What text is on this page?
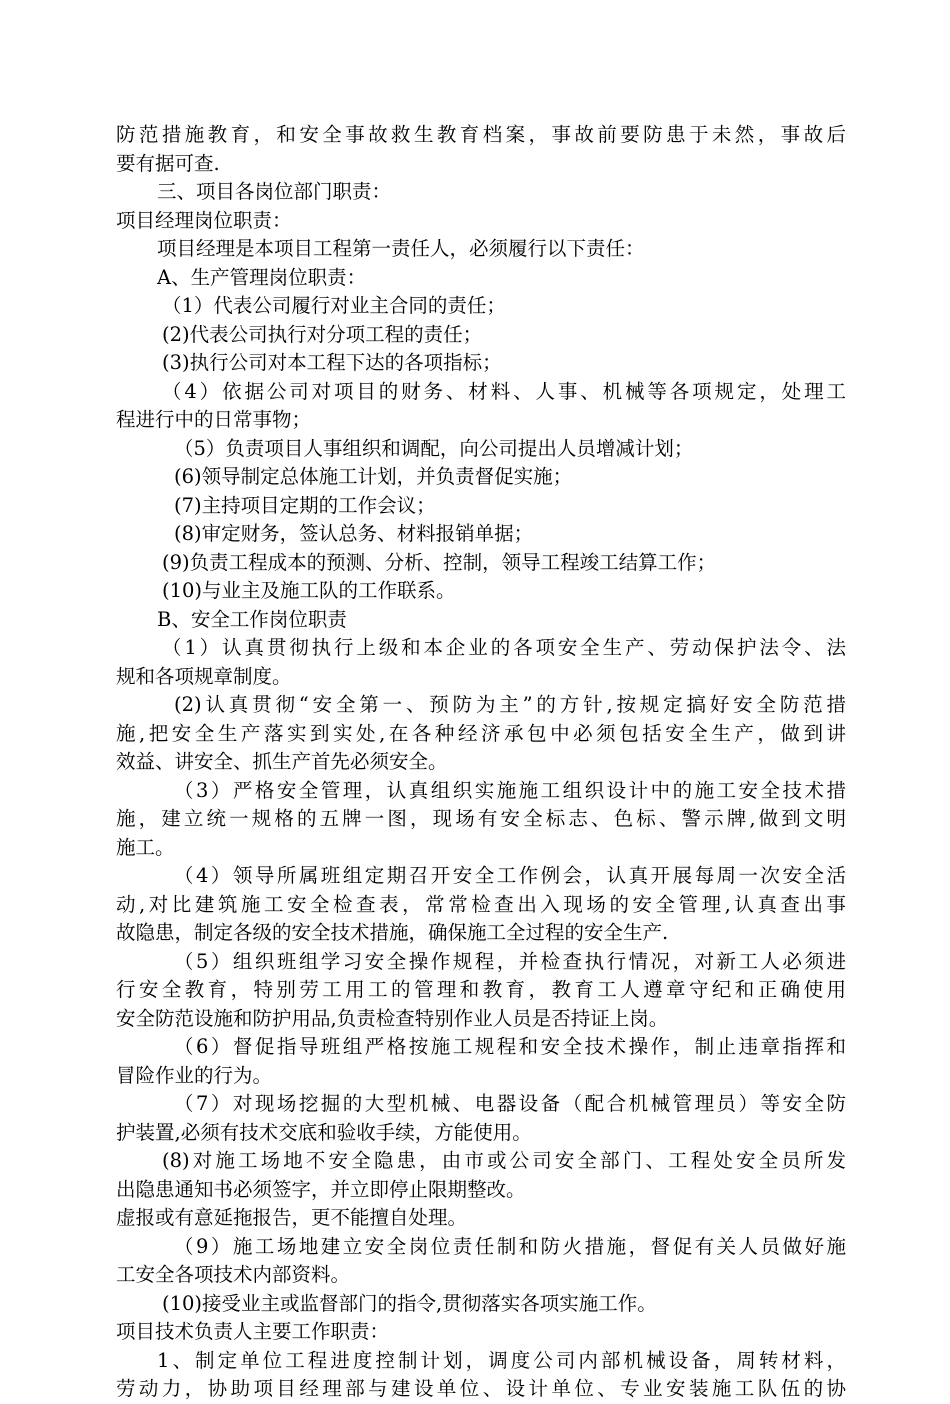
防范措施教育，和安全事故救生教育档案，事故前要防患于未然，事故后
要有据可查.
三、项目各岗位部门职责：
项目经理岗位职责：
项目经理是本项目工程第一责任人，必须履行以下责任：
A、生产管理岗位职责：
（1）代表公司履行对业主合同的责任；
(2)代表公司执行对分项工程的责任；
(3)执行公司对本工程下达的各项指标；
（4）依据公司对项目的财务、材料、人事、机械等各项规定，处理工
程进行中的日常事物；
（5）负责项目人事组织和调配，向公司提出人员增减计划；
(6)领导制定总体施工计划，并负责督促实施；
(7)主持项目定期的工作会议；
(8)审定财务，签认总务、材料报销单据；
(9)负责工程成本的预测、分析、控制，领导工程竣工结算工作；
(10)与业主及施工队的工作联系。
B、安全工作岗位职责
（1）认真贯彻执行上级和本企业的各项安全生产、劳动保护法令、法
规和各项规章制度。
(2)认真贯彻“安全第一、预防为主”的方针,按规定搞好安全防范措
施,把安全生产落实到实处,在各种经济承包中必须包括安全生产，做到讲
效益、讲安全、抓生产首先必须安全。
（3）严格安全管理，认真组织实施施工组织设计中的施工安全技术措
施，建立统一规格的五牌一图，现场有安全标志、色标、警示牌,做到文明
施工。
（4）领导所属班组定期召开安全工作例会，认真开展每周一次安全活
动,对比建筑施工安全检查表，常常检查出入现场的安全管理,认真查出事
故隐患，制定各级的安全技术措施，确保施工全过程的安全生产.
（5）组织班组学习安全操作规程，并检查执行情况，对新工人必须进
行安全教育，特别劳工用工的管理和教育，教育工人遵章守纪和正确使用
安全防范设施和防护用品,负责检查特别作业人员是否持证上岗。
（6）督促指导班组严格按施工规程和安全技术操作，制止违章指挥和
冒险作业的行为。
（7）对现场挖掘的大型机械、电器设备（配合机械管理员）等安全防
护装置,必须有技术交底和验收手续，方能使用。
(8)对施工场地不安全隐患，由市或公司安全部门、工程处安全员所发
出隐患通知书必须签字，并立即停止限期整改。
虚报或有意延拖报告，更不能擅自处理。
（9）施工场地建立安全岗位责任制和防火措施，督促有关人员做好施
工安全各项技术内部资料。
(10)接受业主或监督部门的指令,贯彻落实各项实施工作。
项目技术负责人主要工作职责：
1、制定单位工程进度控制计划，调度公司内部机械设备，周转材料，
劳动力，协助项目经理部与建设单位、设计单位、专业安装施工队伍的协
